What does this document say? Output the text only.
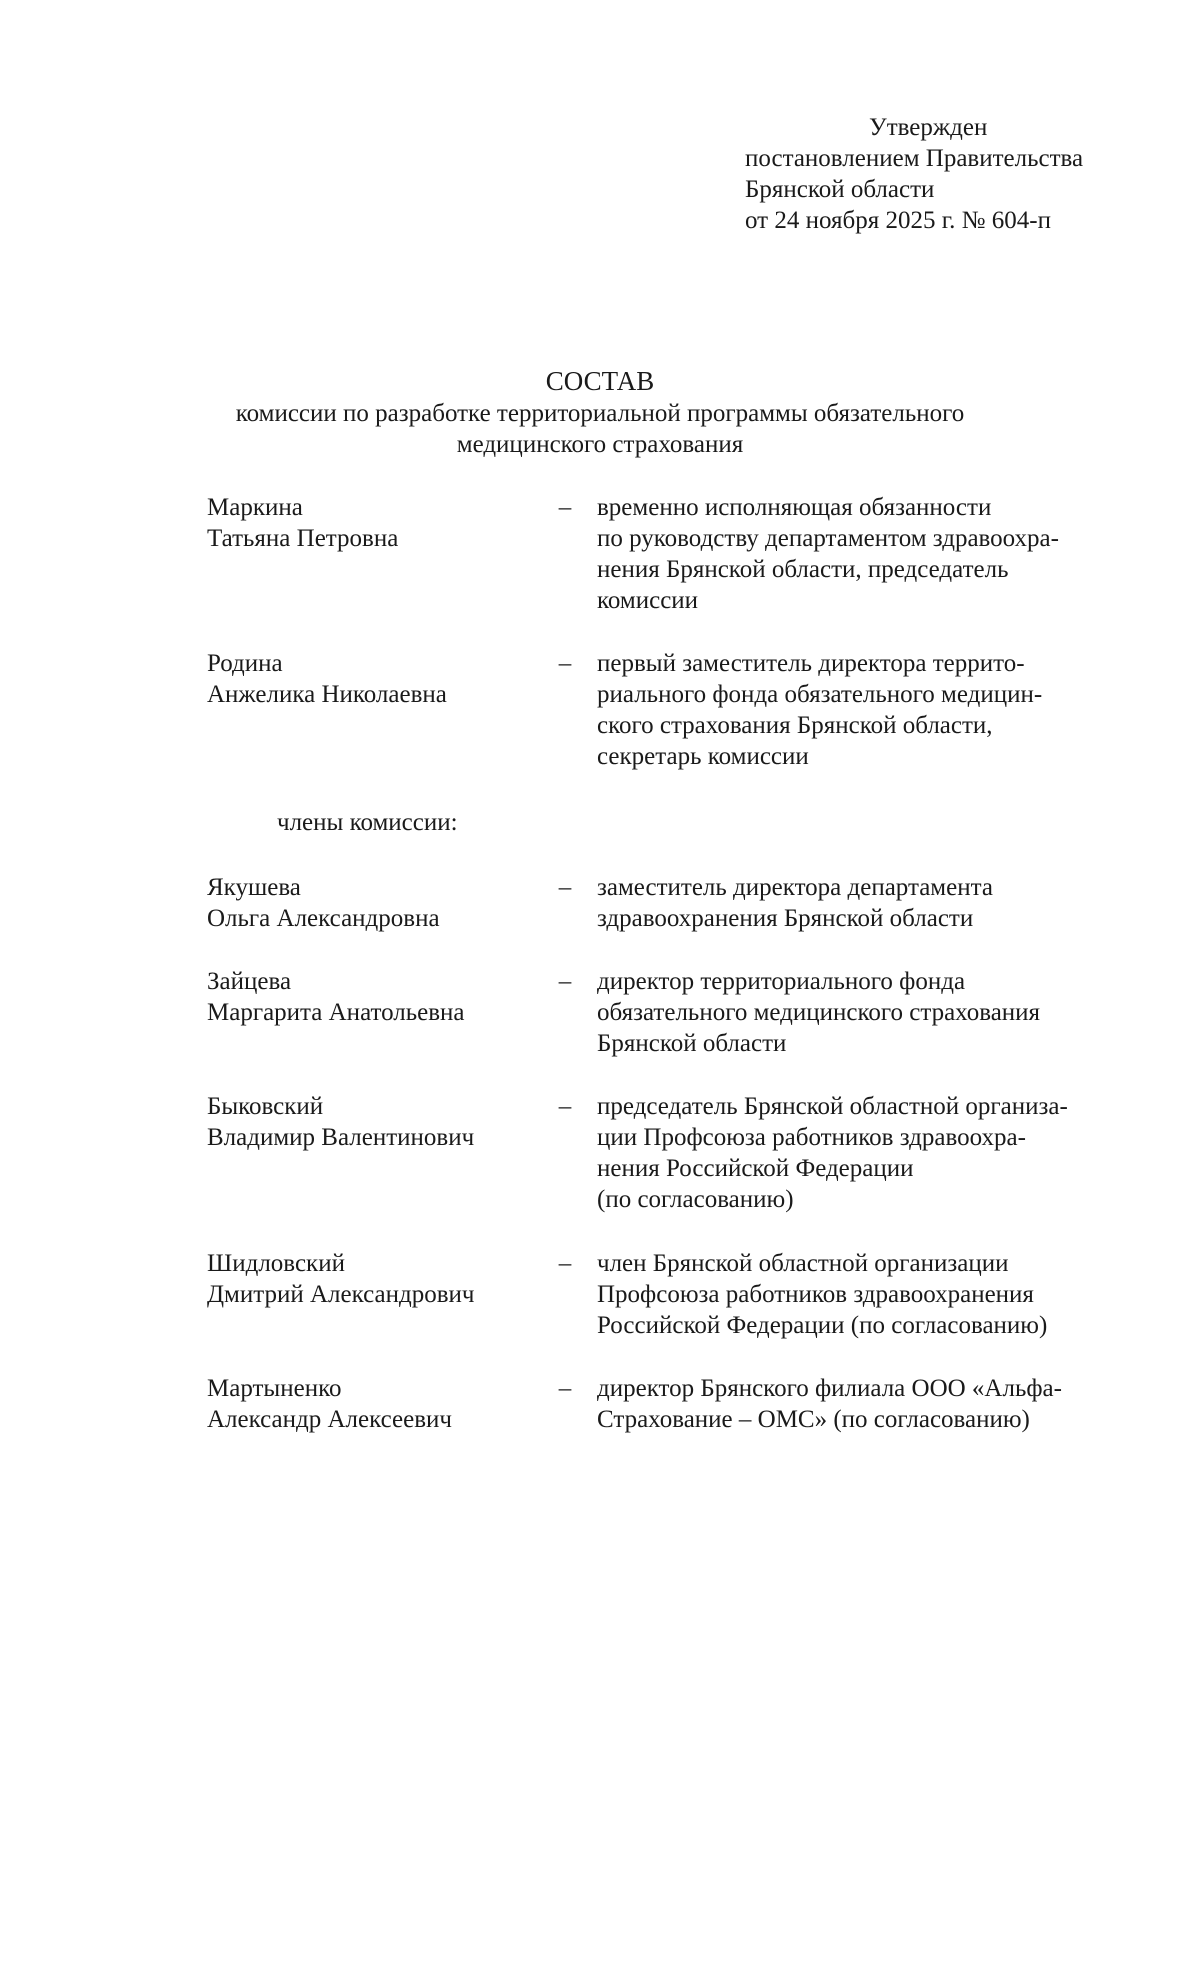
Утвержден
постановлением Правительства
Брянской области
от 24 ноября 2025 г. № 604-п
СОСТАВ
комиссии по разработке территориальной программы обязательного
медицинского страхования
Маркина
Татьяна Петровна
–	временно исполняющая обязанности
по руководству департаментом здравоохра-
нения Брянской области, председатель
комиссии
Родина
Анжелика Николаевна
–	первый заместитель директора террито-
риального фонда обязательного медицин-
ского страхования Брянской области,
секретарь комиссии
члены комиссии:
Якушева
Ольга Александровна
–	заместитель директора департамента
здравоохранения Брянской области
Зайцева
Маргарита Анатольевна
–	директор территориального фонда
обязательного медицинского страхования
Брянской области
Быковский
Владимир Валентинович
–	председатель Брянской областной организа-
ции Профсоюза работников здравоохра-
нения Российской Федерации
(по согласованию)
Шидловский
Дмитрий Александрович
–	член Брянской областной организации
Профсоюза работников здравоохранения
Российской Федерации (по согласованию)
Мартыненко
Александр Алексеевич
–	директор Брянского филиала ООО «Альфа-
Страхование – ОМС» (по согласованию)
